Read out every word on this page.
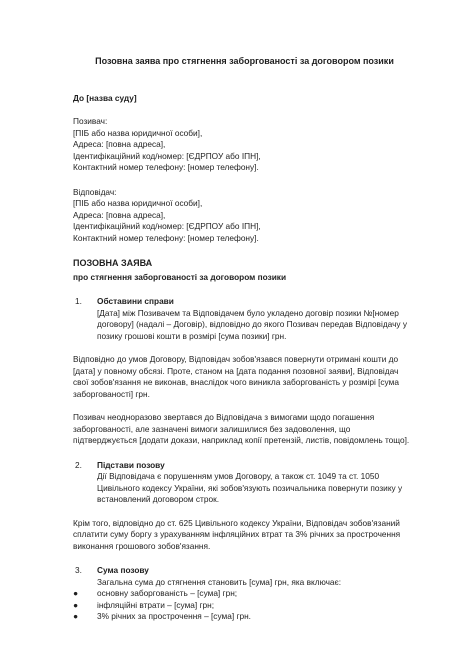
Позовна заява про стягнення заборгованості за договором позики

До [назва суду]
Позивач:
[ПІБ або назва юридичної особи],
Адреса: [повна адреса],
Ідентифікаційний код/номер: [ЄДРПОУ або ІПН],
Контактний номер телефону: [номер телефону].
Відповідач:
[ПІБ або назва юридичної особи],
Адреса: [повна адреса],
Ідентифікаційний код/номер: [ЄДРПОУ або ІПН],
Контактний номер телефону: [номер телефону].
ПОЗОВНА ЗАЯВА
про стягнення заборгованості за договором позики
1.	Обставини справи
[Дата] між Позивачем та Відповідачем було укладено договір позики №[номер
договору] (надалі – Договір), відповідно до якого Позивач передав Відповідачу у
позику грошові кошти в розмірі [сума позики] грн.
Відповідно до умов Договору, Відповідач зобов'язався повернути отримані кошти до
[дата] у повному обсязі. Проте, станом на [дата подання позовної заяви], Відповідач
свої зобов'язання не виконав, внаслідок чого виникла заборгованість у розмірі [сума
заборгованості] грн.
Позивач неодноразово звертався до Відповідача з вимогами щодо погашення
заборгованості, але зазначені вимоги залишилися без задоволення, що
підтверджується [додати докази, наприклад копії претензій, листів, повідомлень тощо].
2.	Підстави позову
Дії Відповідача є порушенням умов Договору, а також ст. 1049 та ст. 1050
Цивільного кодексу України, які зобов'язують позичальника повернути позику у
встановлений договором строк.
Крім того, відповідно до ст. 625 Цивільного кодексу України, Відповідач зобов'язаний
сплатити суму боргу з урахуванням інфляційних втрат та 3% річних за прострочення
виконання грошового зобов'язання.
3.	Сума позову
Загальна сума до стягнення становить [сума] грн, яка включає:
●	основну заборгованість – [сума] грн;
●	інфляційні втрати – [сума] грн;
●	3% річних за прострочення – [сума] грн.
